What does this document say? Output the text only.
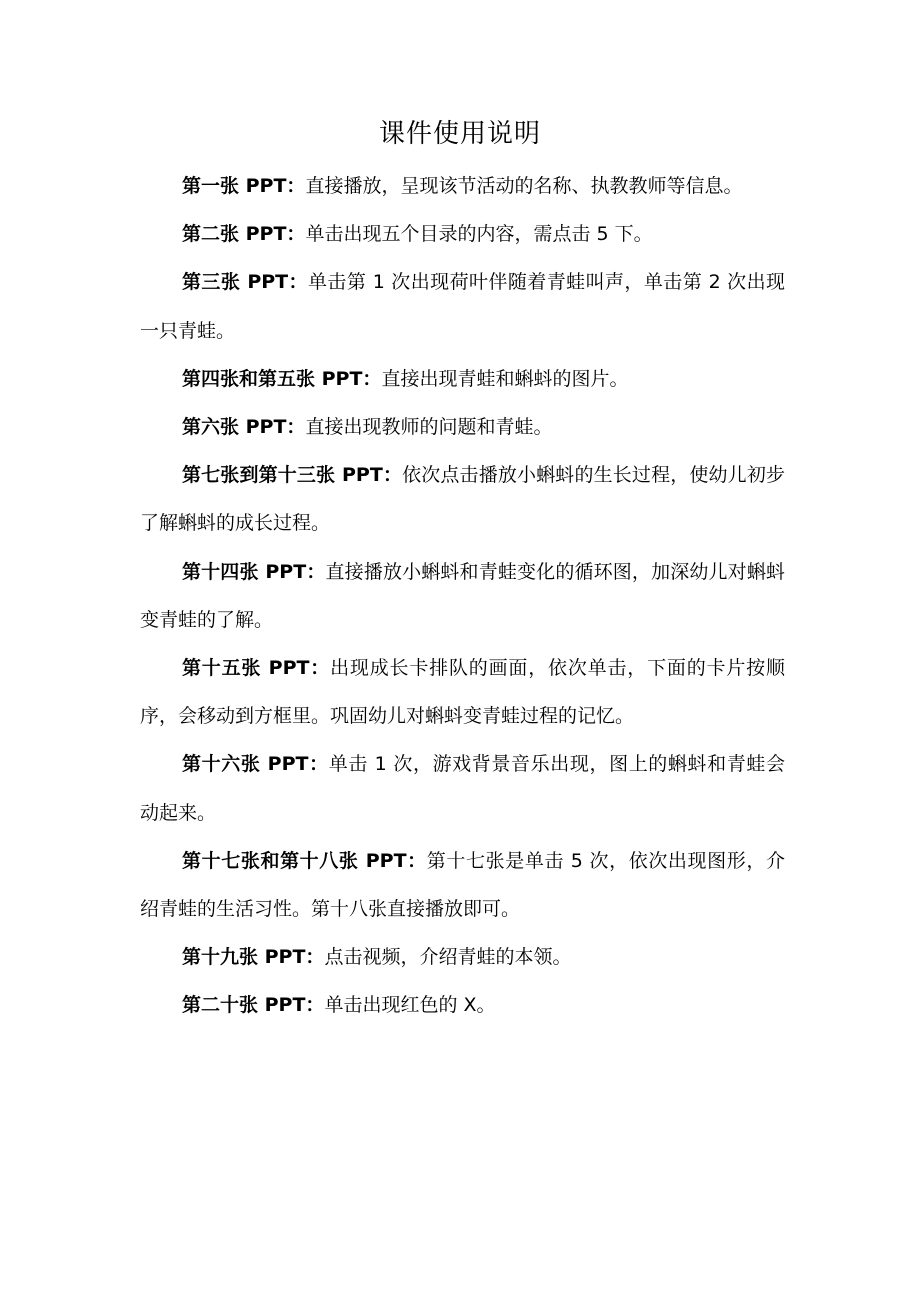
课件使用说明

第一张 PPT：直接播放，呈现该节活动的名称、执教教师等信息。

第二张 PPT：单击出现五个目录的内容，需点击 5 下。

第三张 PPT：单击第 1 次出现荷叶伴随着青蛙叫声，单击第 2 次出现一只青蛙。

第四张和第五张 PPT：直接出现青蛙和蝌蚪的图片。

第六张 PPT：直接出现教师的问题和青蛙。

第七张到第十三张 PPT：依次点击播放小蝌蚪的生长过程，使幼儿初步了解蝌蚪的成长过程。

第十四张 PPT：直接播放小蝌蚪和青蛙变化的循环图，加深幼儿对蝌蚪变青蛙的了解。

第十五张 PPT：出现成长卡排队的画面，依次单击，下面的卡片按顺序，会移动到方框里。巩固幼儿对蝌蚪变青蛙过程的记忆。

第十六张 PPT：单击 1 次，游戏背景音乐出现，图上的蝌蚪和青蛙会动起来。

第十七张和第十八张 PPT：第十七张是单击 5 次，依次出现图形，介绍青蛙的生活习性。第十八张直接播放即可。

第十九张 PPT：点击视频，介绍青蛙的本领。

第二十张 PPT：单击出现红色的 X。
